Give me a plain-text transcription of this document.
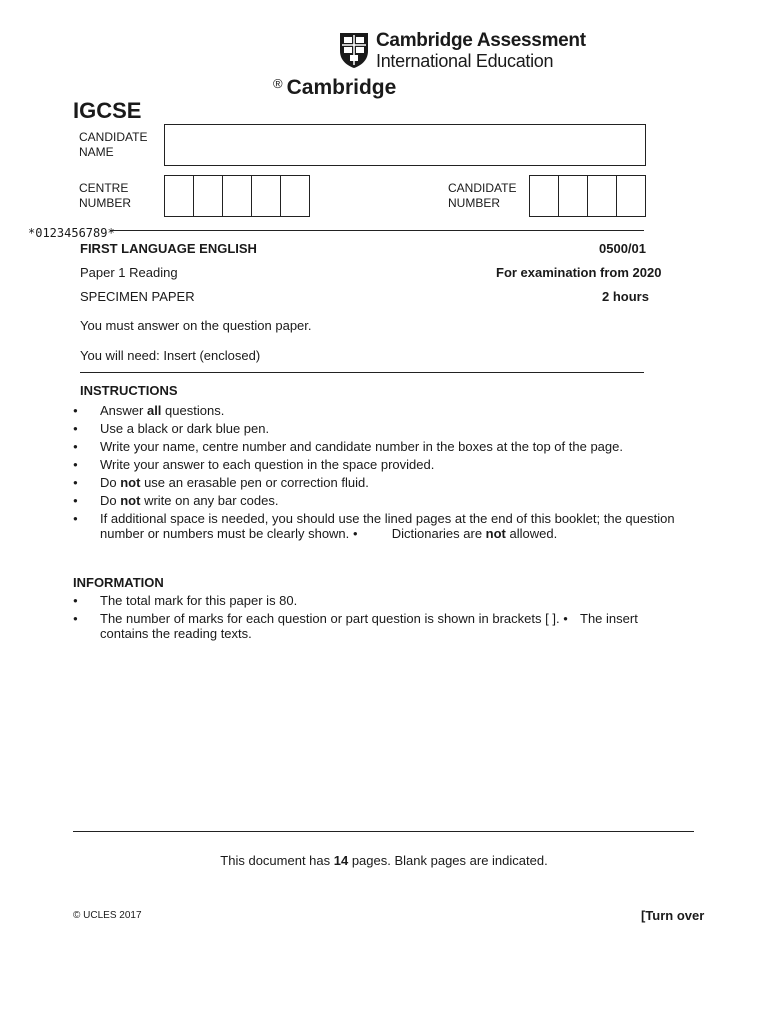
Cambridge Assessment
International Education
® Cambridge
IGCSE
CANDIDATE
NAME
CENTRE
NUMBER
CANDIDATE
NUMBER
*0123456789*
FIRST LANGUAGE ENGLISH	0500/01
Paper 1 Reading	For examination from 2020
SPECIMEN PAPER	2 hours
You must answer on the question paper.
You will need: Insert (enclosed)
INSTRUCTIONS
● Answer all questions.
● Use a black or dark blue pen.
● Write your name, centre number and candidate number in the boxes at the top of the page.
● Write your answer to each question in the space provided.
● Do not use an erasable pen or correction fluid.
● Do not write on any bar codes.
● If additional space is needed, you should use the lined pages at the end of this booklet; the question
number or numbers must be clearly shown. ●	Dictionaries are not allowed.
INFORMATION
● The total mark for this paper is 80.
● The number of marks for each question or part question is shown in brackets [ ]. ● The insert
contains the reading texts.
This document has 14 pages. Blank pages are indicated.
© UCLES 2017	[Turn over
